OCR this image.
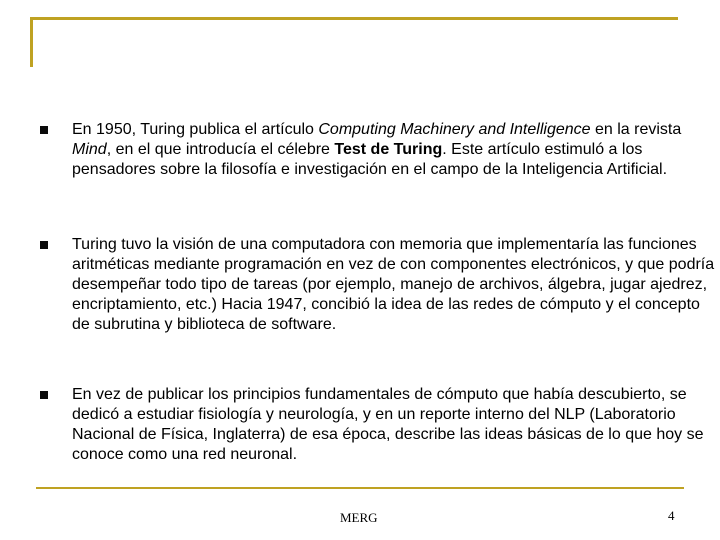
En 1950, Turing publica el artículo Computing Machinery and Intelligence en la revista Mind, en el que introducía el célebre Test de Turing. Este artículo estimuló a los pensadores sobre la filosofía e investigación en el campo de la Inteligencia Artificial.
Turing tuvo la visión de una computadora con memoria que implementaría las funciones aritméticas mediante programación en vez de con componentes electrónicos, y que podría desempeñar todo tipo de tareas (por ejemplo, manejo de archivos, álgebra, jugar ajedrez, encriptamiento, etc.) Hacia 1947, concibió la idea de las redes de cómputo y el concepto de subrutina y biblioteca de software.
En vez de publicar los principios fundamentales de cómputo que había descubierto, se dedicó a estudiar fisiología y neurología, y en un reporte interno del NLP (Laboratorio Nacional de Física, Inglaterra) de esa época, describe las ideas básicas de lo que hoy se conoce como una red neuronal.
MERG	4
